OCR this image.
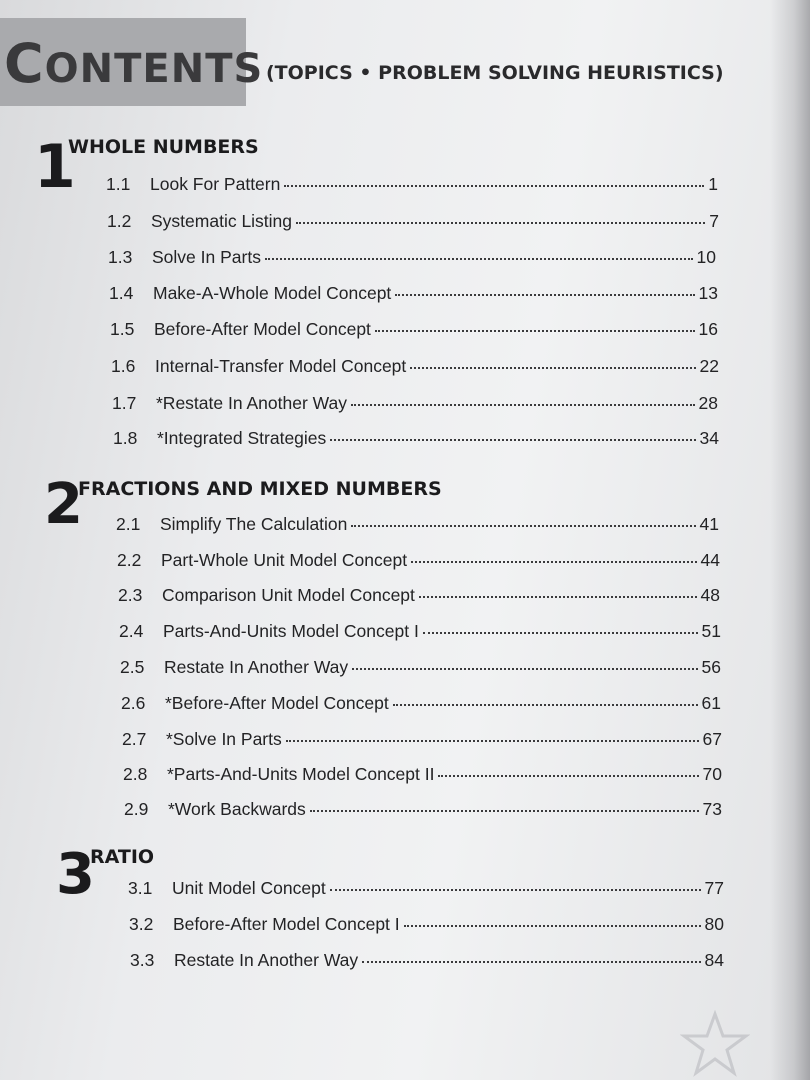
CONTENTS (TOPICS • PROBLEM SOLVING HEURISTICS)
1
WHOLE NUMBERS
1.1	Look For Pattern	1
1.2	Systematic Listing	7
1.3	Solve In Parts	10
1.4	Make-A-Whole Model Concept	13
1.5	Before-After Model Concept	16
1.6	Internal-Transfer Model Concept	22
1.7	*Restate In Another Way	28
1.8	*Integrated Strategies	34
2
FRACTIONS AND MIXED NUMBERS
2.1	Simplify The Calculation	41
2.2	Part-Whole Unit Model Concept	44
2.3	Comparison Unit Model Concept	48
2.4	Parts-And-Units Model Concept I	51
2.5	Restate In Another Way	56
2.6	*Before-After Model Concept	61
2.7	*Solve In Parts	67
2.8	*Parts-And-Units Model Concept II	70
2.9	*Work Backwards	73
3
RATIO
3.1	Unit Model Concept	77
3.2	Before-After Model Concept I	80
3.3	Restate In Another Way	84
